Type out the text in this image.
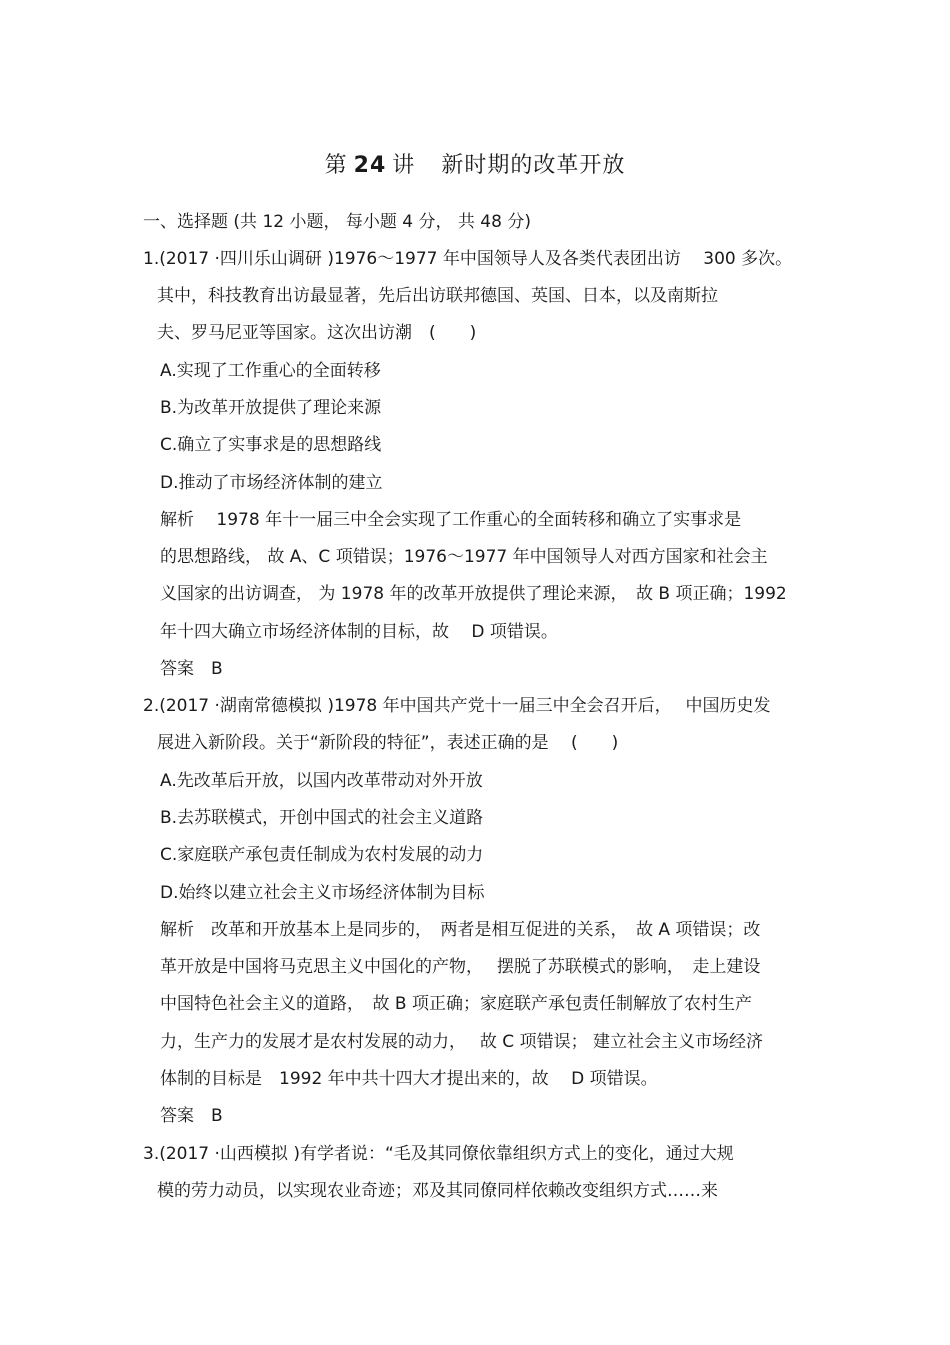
第 24 讲 新时期的改革开放
一、选择题 (共 12 小题， 每小题 4 分， 共 48 分)
1.(2017 ·四川乐山调研 )1976～1977 年中国领导人及各类代表团出访　 300 多次。
其中，科技教育出访最显著，先后出访联邦德国、英国、日本，以及南斯拉
夫、罗马尼亚等国家。这次出访潮　(　　)
A.实现了工作重心的全面转移
B.为改革开放提供了理论来源
C.确立了实事求是的思想路线
D.推动了市场经济体制的建立
解析　 1978 年十一届三中全会实现了工作重心的全面转移和确立了实事求是
的思想路线， 故 A、C 项错误；1976～1977 年中国领导人对西方国家和社会主
义国家的出访调查， 为 1978 年的改革开放提供了理论来源，　故 B 项正确；1992
年十四大确立市场经济体制的目标，故　 D 项错误。
答案　B
2.(2017 ·湖南常德模拟 )1978 年中国共产党十一届三中全会召开后，　 中国历史发
展进入新阶段。关于“新阶段的特征”，表述正确的是　 (　　)
A.先改革后开放，以国内改革带动对外开放
B.去苏联模式，开创中国式的社会主义道路
C.家庭联产承包责任制成为农村发展的动力
D.始终以建立社会主义市场经济体制为目标
解析　改革和开放基本上是同步的，　两者是相互促进的关系，　故 A 项错误；改
革开放是中国将马克思主义中国化的产物，　 摆脱了苏联模式的影响，　走上建设
中国特色社会主义的道路，　故 B 项正确；家庭联产承包责任制解放了农村生产
力，生产力的发展才是农村发展的动力，　 故 C 项错误； 建立社会主义市场经济
体制的目标是　1992 年中共十四大才提出来的，故　 D 项错误。
答案　B
3.(2017 ·山西模拟 )有学者说：“毛及其同僚依靠组织方式上的变化，通过大规
模的劳力动员，以实现农业奇迹；邓及其同僚同样依赖改变组织方式……来
